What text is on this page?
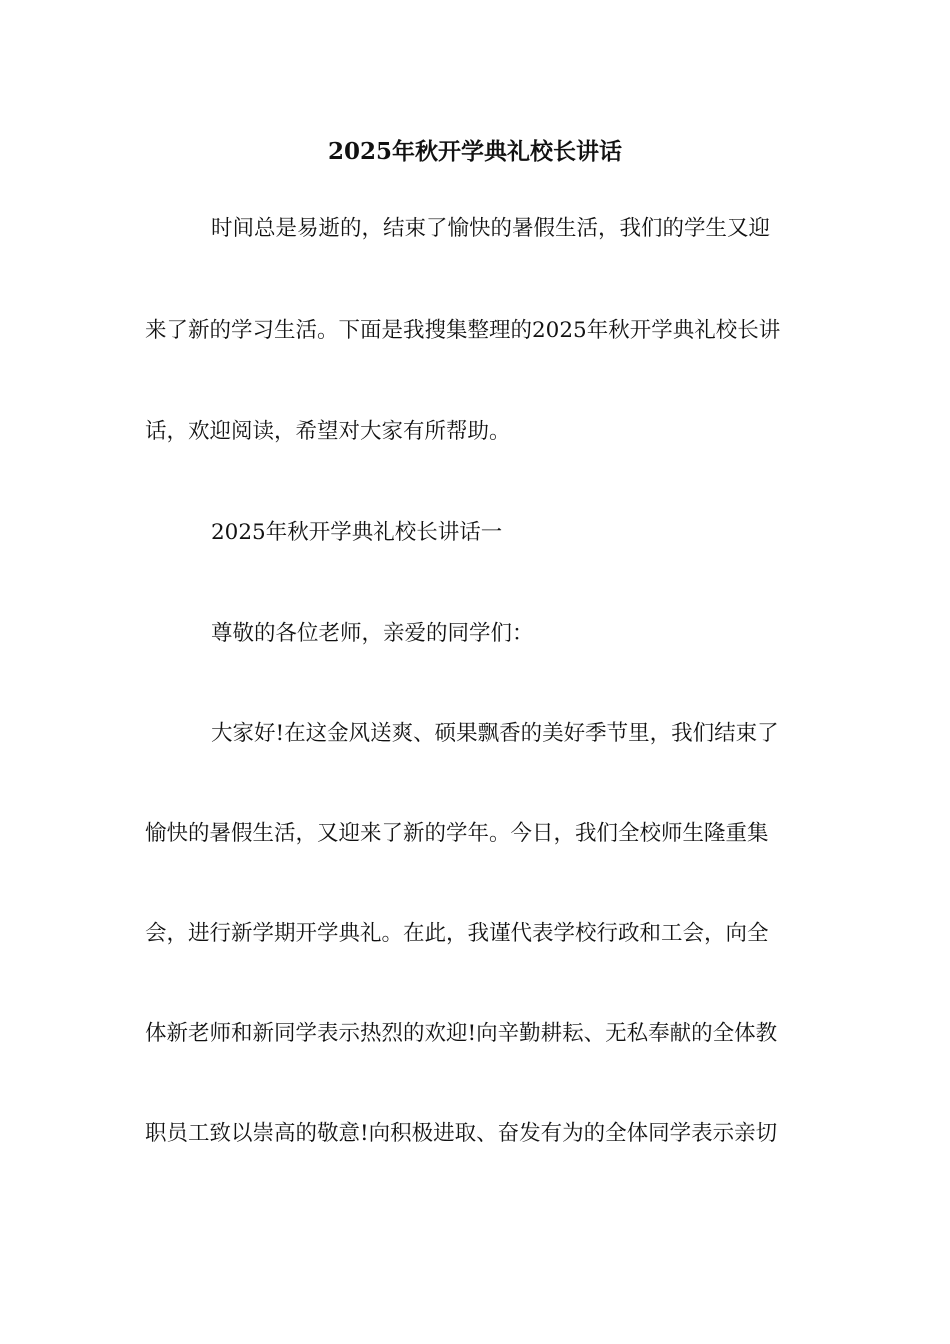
2025年秋开学典礼校长讲话
时间总是易逝的，结束了愉快的暑假生活，我们的学生又迎
来了新的学习生活。下面是我搜集整理的2025年秋开学典礼校长讲
话，欢迎阅读，希望对大家有所帮助。
2025年秋开学典礼校长讲话一
尊敬的各位老师，亲爱的同学们：
大家好!在这金风送爽、硕果飘香的美好季节里，我们结束了
愉快的暑假生活，又迎来了新的学年。今日，我们全校师生隆重集
会，进行新学期开学典礼。在此，我谨代表学校行政和工会，向全
体新老师和新同学表示热烈的欢迎!向辛勤耕耘、无私奉献的全体教
职员工致以崇高的敬意!向积极进取、奋发有为的全体同学表示亲切
